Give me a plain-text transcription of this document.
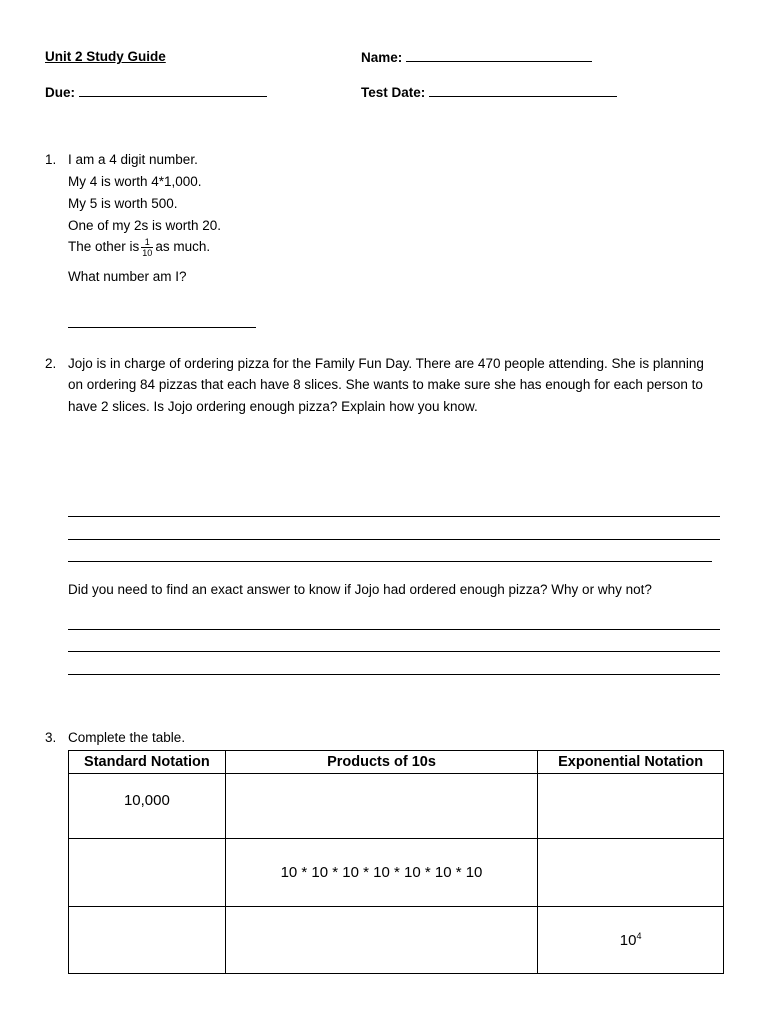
Unit 2 Study Guide	Name:
Due:	Test Date:
1. I am a 4 digit number.
My 4 is worth 4*1,000.
My 5 is worth 500.
One of my 2s is worth 20.
The other is $\frac{1}{10}$ as much.
What number am I?
2. Jojo is in charge of ordering pizza for the Family Fun Day. There are 470 people attending. She is planning
on ordering 84 pizzas that each have 8 slices. She wants to make sure she has enough for each person to
have 2 slices. Is Jojo ordering enough pizza? Explain how you know.
Did you need to find an exact answer to know if Jojo had ordered enough pizza? Why or why not?
3. Complete the table.
Standard Notation	Products of 10s	Exponential Notation
10,000		
	10 * 10 * 10 * 10 * 10 * 10 * 10	
		$10^4$
